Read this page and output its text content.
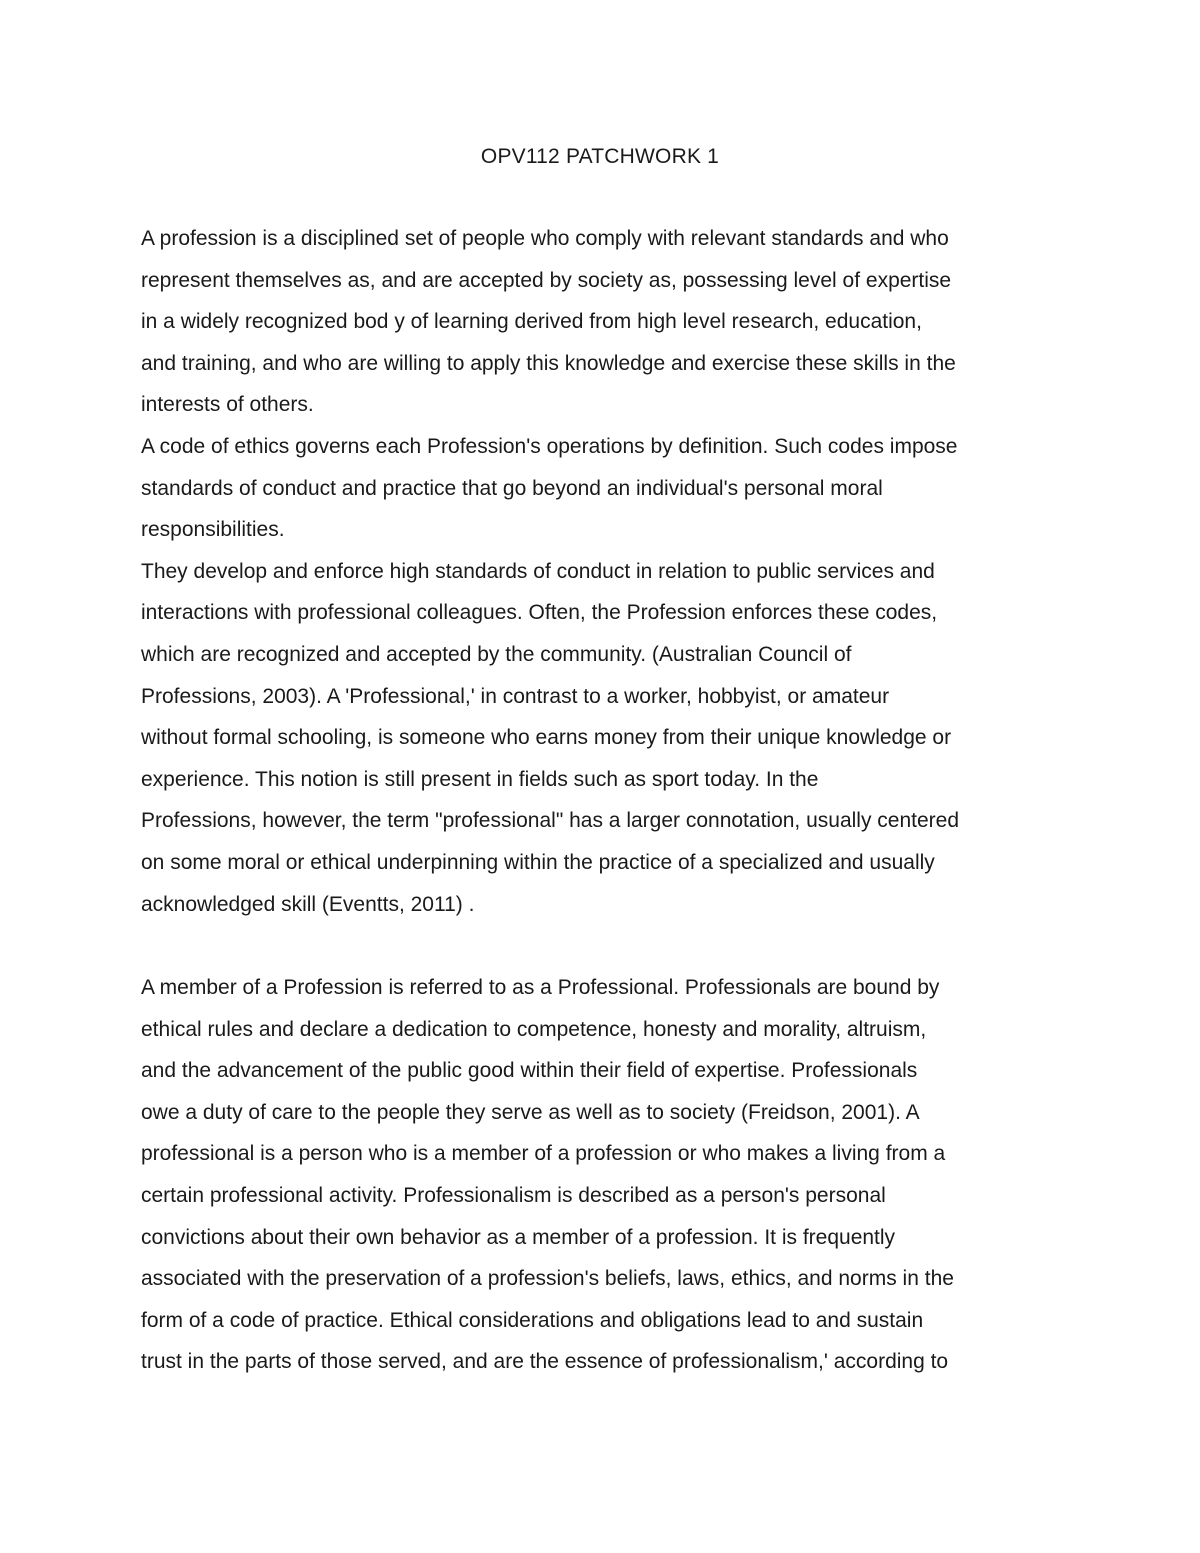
OPV112 PATCHWORK 1

A profession is a disciplined set of people who comply with relevant standards and who
represent themselves as, and are accepted by society as, possessing level of expertise
in a widely recognized bod y of learning derived from high level research, education,
and training, and who are willing to apply this knowledge and exercise these skills in the
interests of others.

A code of ethics governs each Profession's operations by definition. Such codes impose
standards of conduct and practice that go beyond an individual's personal moral
responsibilities.

They develop and enforce high standards of conduct in relation to public services and
interactions with professional colleagues. Often, the Profession enforces these codes,
which are recognized and accepted by the community. (Australian Council of
Professions, 2003). A 'Professional,' in contrast to a worker, hobbyist, or amateur
without formal schooling, is someone who earns money from their unique knowledge or
experience. This notion is still present in fields such as sport today. In the
Professions, however, the term "professional" has a larger connotation, usually centered
on some moral or ethical underpinning within the practice of a specialized and usually
acknowledged skill (Eventts, 2011) .

A member of a Profession is referred to as a Professional. Professionals are bound by
ethical rules and declare a dedication to competence, honesty and morality, altruism,
and the advancement of the public good within their field of expertise. Professionals
owe a duty of care to the people they serve as well as to society (Freidson, 2001). A
professional is a person who is a member of a profession or who makes a living from a
certain professional activity. Professionalism is described as a person's personal
convictions about their own behavior as a member of a profession. It is frequently
associated with the preservation of a profession's beliefs, laws, ethics, and norms in the
form of a code of practice. Ethical considerations and obligations lead to and sustain
trust in the parts of those served, and are the essence of professionalism,' according to
